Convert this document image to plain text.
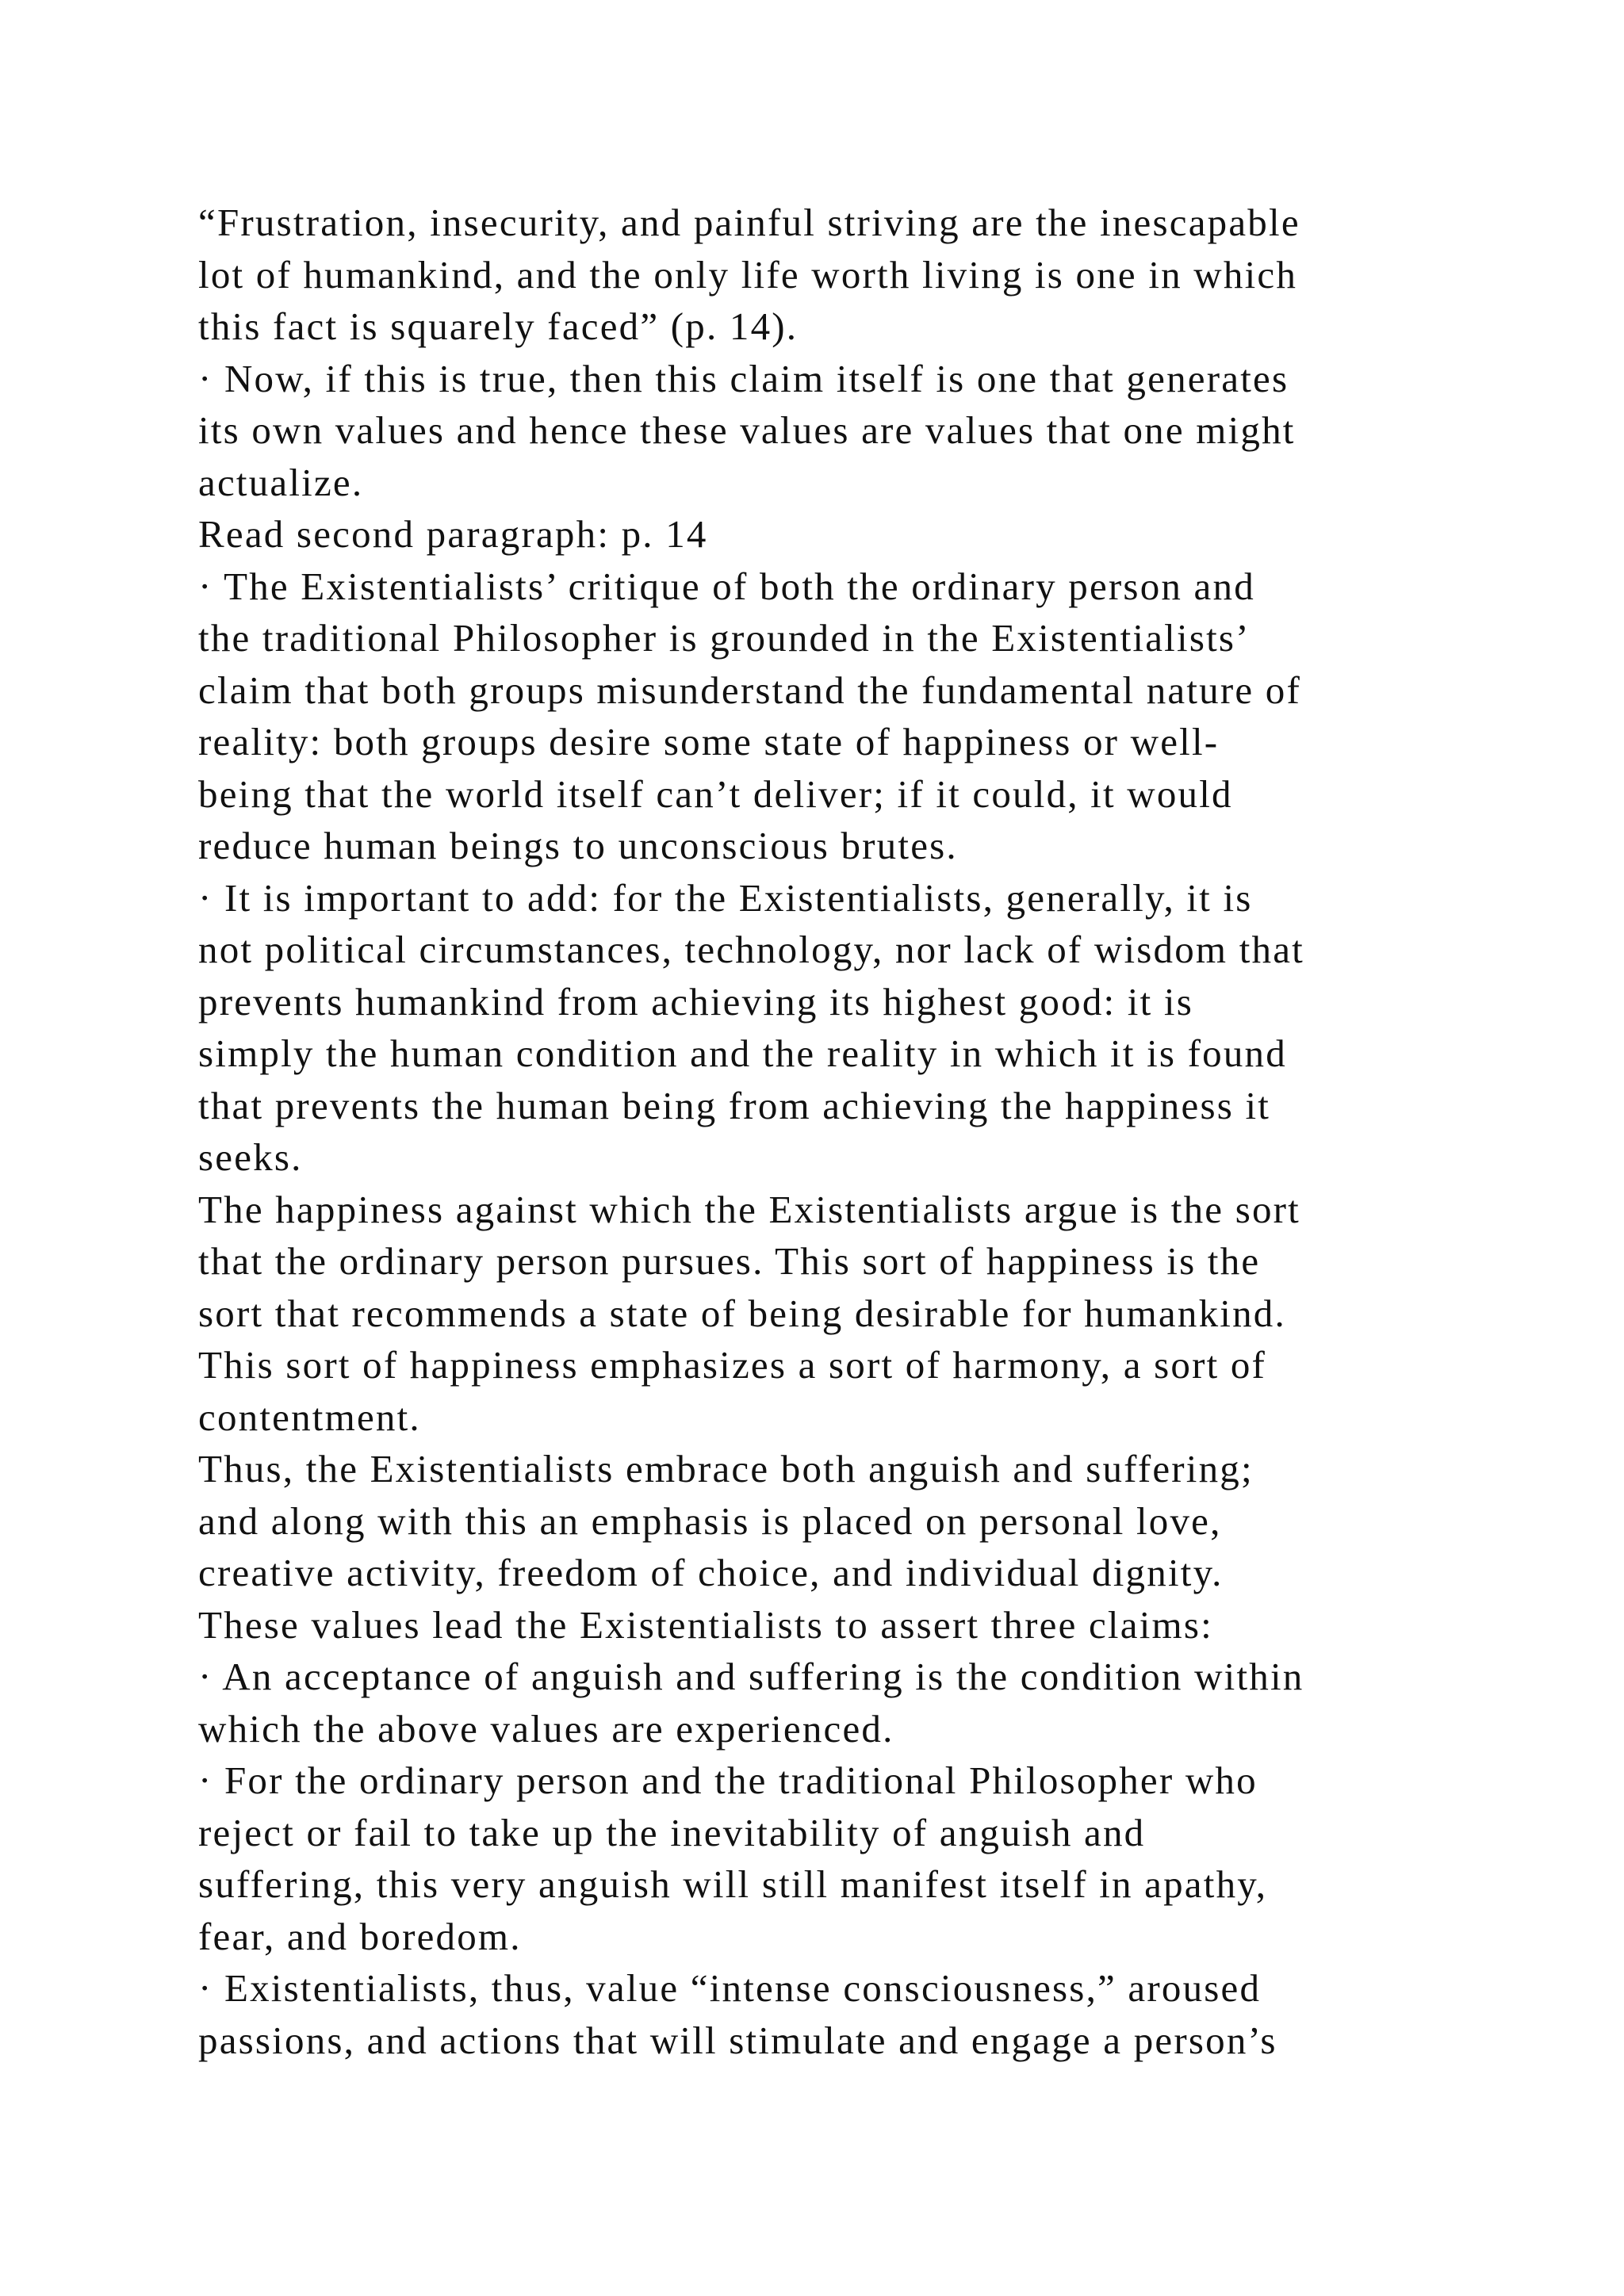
“Frustration, insecurity, and painful striving are the inescapable
lot of humankind, and the only life worth living is one in which
this fact is squarely faced” (p. 14).
· Now, if this is true, then this claim itself is one that generates
its own values and hence these values are values that one might
actualize.
Read second paragraph: p. 14
· The Existentialists’ critique of both the ordinary person and
the traditional Philosopher is grounded in the Existentialists’
claim that both groups misunderstand the fundamental nature of
reality: both groups desire some state of happiness or well-
being that the world itself can’t deliver; if it could, it would
reduce human beings to unconscious brutes.
· It is important to add: for the Existentialists, generally, it is
not political circumstances, technology, nor lack of wisdom that
prevents humankind from achieving its highest good: it is
simply the human condition and the reality in which it is found
that prevents the human being from achieving the happiness it
seeks.
The happiness against which the Existentialists argue is the sort
that the ordinary person pursues. This sort of happiness is the
sort that recommends a state of being desirable for humankind.
This sort of happiness emphasizes a sort of harmony, a sort of
contentment.
Thus, the Existentialists embrace both anguish and suffering;
and along with this an emphasis is placed on personal love,
creative activity, freedom of choice, and individual dignity.
These values lead the Existentialists to assert three claims:
· An acceptance of anguish and suffering is the condition within
which the above values are experienced.
· For the ordinary person and the traditional Philosopher who
reject or fail to take up the inevitability of anguish and
suffering, this very anguish will still manifest itself in apathy,
fear, and boredom.
· Existentialists, thus, value “intense consciousness,” aroused
passions, and actions that will stimulate and engage a person’s
